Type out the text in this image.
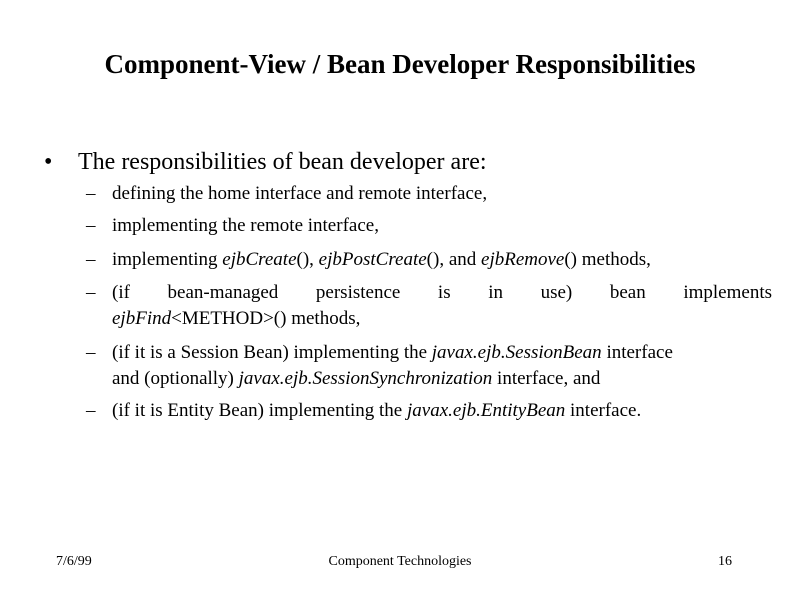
Component-View / Bean Developer Responsibilities
• The responsibilities of bean developer are:
– defining the home interface and remote interface,
– implementing the remote interface,
– implementing ejbCreate(), ejbPostCreate(), and ejbRemove() methods,
– (if bean-managed persistence is in use) bean implements
ejbFind<METHOD>() methods,
– (if it is a Session Bean) implementing the javax.ejb.SessionBean interface
and (optionally) javax.ejb.SessionSynchronization interface, and
– (if it is Entity Bean) implementing the javax.ejb.EntityBean interface.
7/6/99	Component Technologies	16
